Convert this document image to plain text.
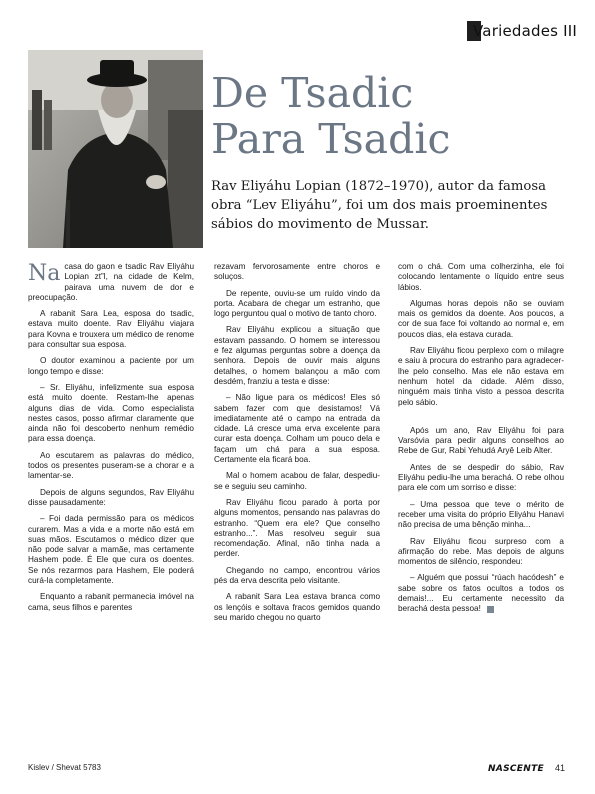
Variedades III
De Tsadic
Para Tsadic

Rav Eliyáhu Lopian (1872–1970), autor da famosa obra “Lev Eliyáhu”, foi um dos mais proeminentes sábios do movimento de Mussar.

Na casa do gaon e tsadic Rav Eliyáhu Lopian zt”l, na cidade de Kelm, pairava uma nuvem de dor e preocupação.

A rabanit Sara Lea, esposa do tsadic, estava muito doente. Rav Eliyáhu viajara para Kovna e trouxera um médico de renome para consultar sua esposa.

O doutor examinou a paciente por um longo tempo e disse:

– Sr. Eliyáhu, infelizmente sua esposa está muito doente. Restam-lhe apenas alguns dias de vida. Como especialista nestes casos, posso afirmar claramente que ainda não foi descoberto nenhum remédio para essa doença.

Ao escutarem as palavras do médico, todos os presentes puseram-se a chorar e a lamentar-se.

Depois de alguns segundos, Rav Eliyáhu disse pausadamente:

– Foi dada permissão para os médicos curarem. Mas a vida e a morte não está em suas mãos. Escutamos o médico dizer que não pode salvar a mamãe, mas certamente Hashem pode. É Ele que cura os doentes. Se nós rezarmos para Hashem, Ele poderá curá-la completamente.

Enquanto a rabanit permanecia imóvel na cama, seus filhos e parentes

rezavam fervorosamente entre choros e soluços.

De repente, ouviu-se um ruído vindo da porta. Acabara de chegar um estranho, que logo perguntou qual o motivo de tanto choro.

Rav Eliyáhu explicou a situação que estavam passando. O homem se interessou e fez algumas perguntas sobre a doença da senhora. Depois de ouvir mais alguns detalhes, o homem balançou a mão com desdém, franziu a testa e disse:

– Não ligue para os médicos! Eles só sabem fazer com que desistamos! Vá imediatamente até o campo na entrada da cidade. Lá cresce uma erva excelente para curar esta doença. Colham um pouco dela e façam um chá para a sua esposa. Certamente ela ficará boa.

Mal o homem acabou de falar, despediu-se e seguiu seu caminho.

Rav Eliyáhu ficou parado à porta por alguns momentos, pensando nas palavras do estranho. “Quem era ele? Que conselho estranho...”. Mas resolveu seguir sua recomendação. Afinal, não tinha nada a perder.

Chegando no campo, encontrou vários pés da erva descrita pelo visitante.

A rabanit Sara Lea estava branca como os lençóis e soltava fracos gemidos quando seu marido chegou no quarto

com o chá. Com uma colherzinha, ele foi colocando lentamente o líquido entre seus lábios.

Algumas horas depois não se ouviam mais os gemidos da doente. Aos poucos, a cor de sua face foi voltando ao normal e, em poucos dias, ela estava curada.

Rav Eliyáhu ficou perplexo com o milagre e saiu à procura do estranho para agradecer-lhe pelo conselho. Mas ele não estava em nenhum hotel da cidade. Além disso, ninguém mais tinha visto a pessoa descrita pelo sábio.

Após um ano, Rav Eliyáhu foi para Varsóvia para pedir alguns conselhos ao Rebe de Gur, Rabi Yehudá Aryê Leib Alter.

Antes de se despedir do sábio, Rav Eliyáhu pediu-lhe uma berachá. O rebe olhou para ele com um sorriso e disse:

– Uma pessoa que teve o mérito de receber uma visita do próprio Eliyáhu Hanavi não precisa de uma bênção minha...

Rav Eliyáhu ficou surpreso com a afirmação do rebe. Mas depois de alguns momentos de silêncio, respondeu:

– Alguém que possui “rúach hacódesh” e sabe sobre os fatos ocultos a todos os demais!... Eu certamente necessito da berachá desta pessoa!

Kislev / Shevat 5783	NASCENTE 41
